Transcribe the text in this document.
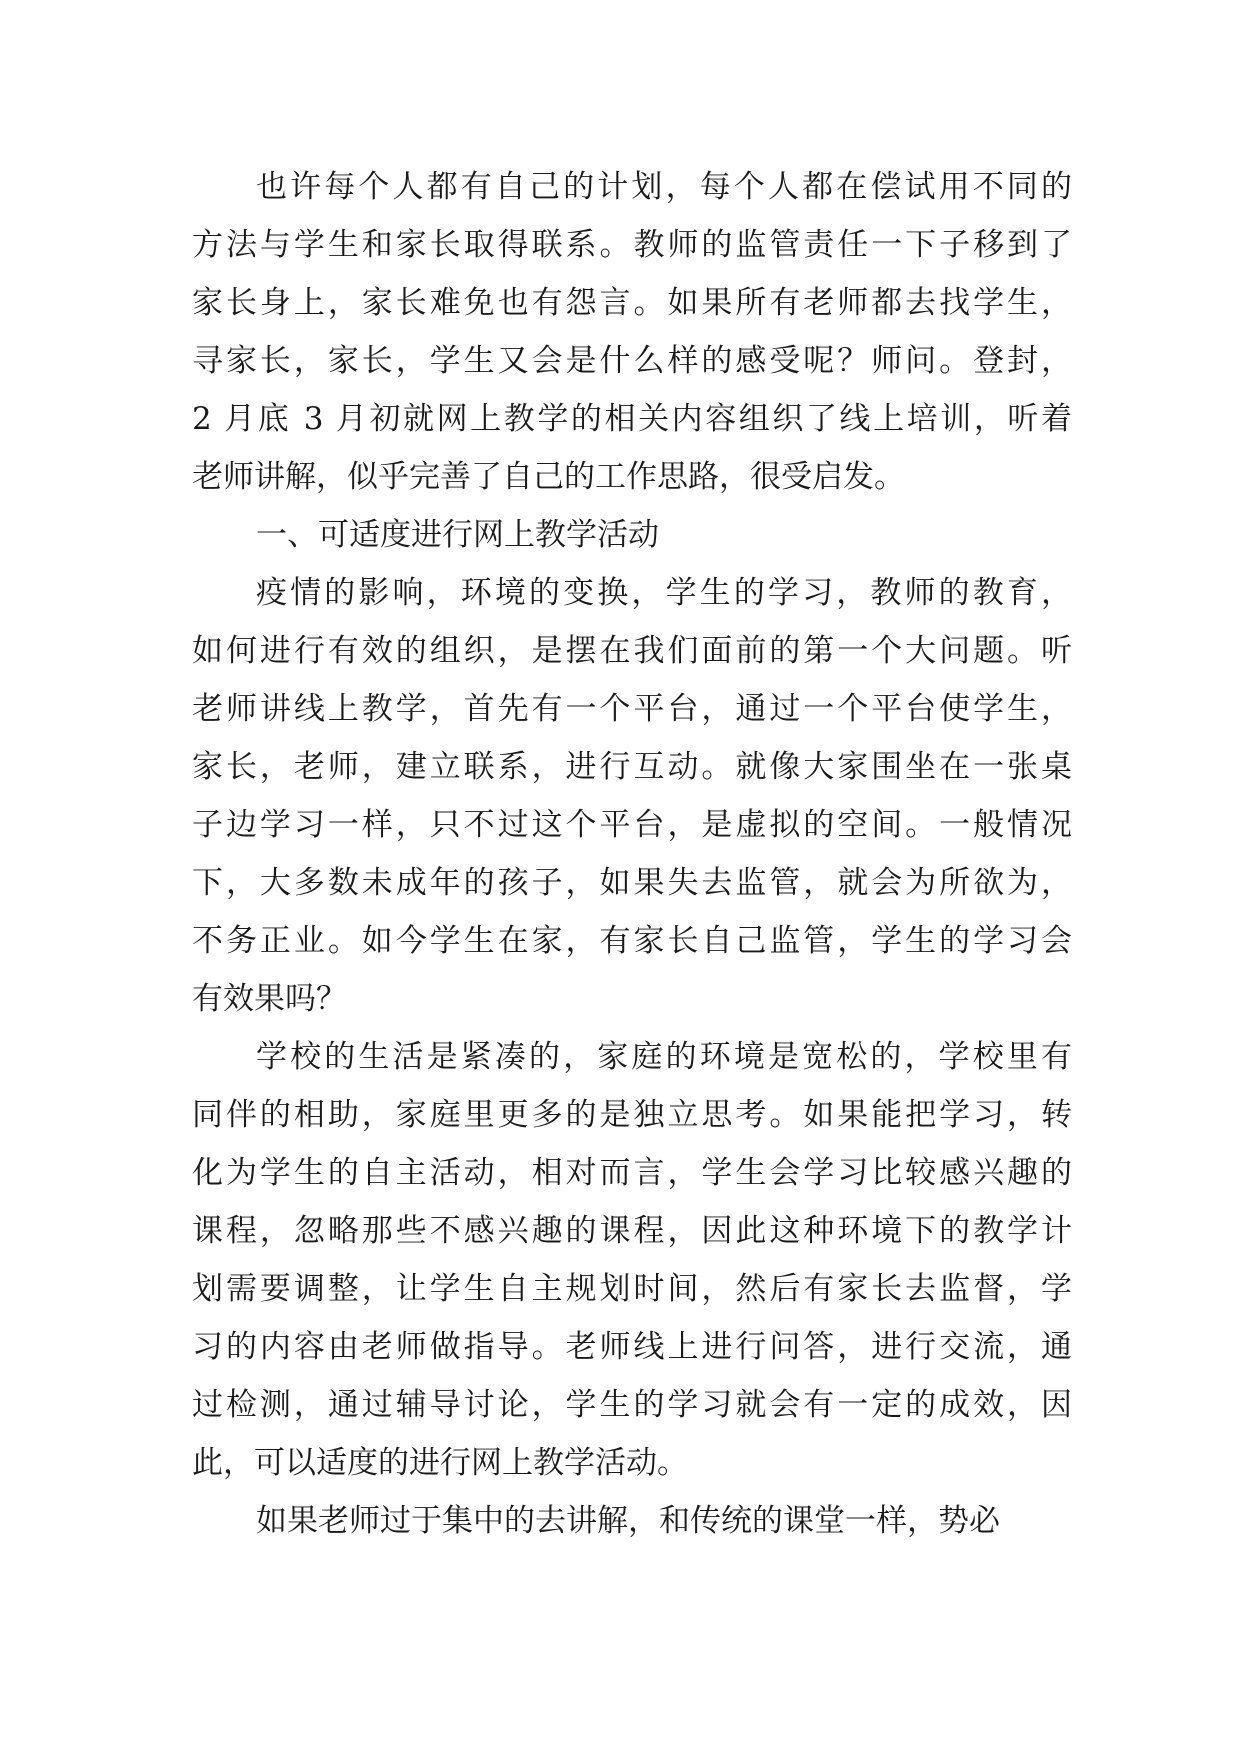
也许每个人都有自己的计划，每个人都在偿试用不同的
方法与学生和家长取得联系。教师的监管责任一下子移到了
家长身上，家长难免也有怨言。如果所有老师都去找学生，
寻家长，家长，学生又会是什么样的感受呢？师问。登封，
2 月底 3 月初就网上教学的相关内容组织了线上培训，听着
老师讲解，似乎完善了自己的工作思路，很受启发。
一、可适度进行网上教学活动
疫情的影响，环境的变换，学生的学习，教师的教育，
如何进行有效的组织，是摆在我们面前的第一个大问题。听
老师讲线上教学，首先有一个平台，通过一个平台使学生，
家长，老师，建立联系，进行互动。就像大家围坐在一张桌
子边学习一样，只不过这个平台，是虚拟的空间。一般情况
下，大多数未成年的孩子，如果失去监管，就会为所欲为，
不务正业。如今学生在家，有家长自己监管，学生的学习会
有效果吗？
学校的生活是紧凑的，家庭的环境是宽松的，学校里有
同伴的相助，家庭里更多的是独立思考。如果能把学习，转
化为学生的自主活动，相对而言，学生会学习比较感兴趣的
课程，忽略那些不感兴趣的课程，因此这种环境下的教学计
划需要调整，让学生自主规划时间，然后有家长去监督，学
习的内容由老师做指导。老师线上进行问答，进行交流，通
过检测，通过辅导讨论，学生的学习就会有一定的成效，因
此，可以适度的进行网上教学活动。
如果老师过于集中的去讲解，和传统的课堂一样，势必
